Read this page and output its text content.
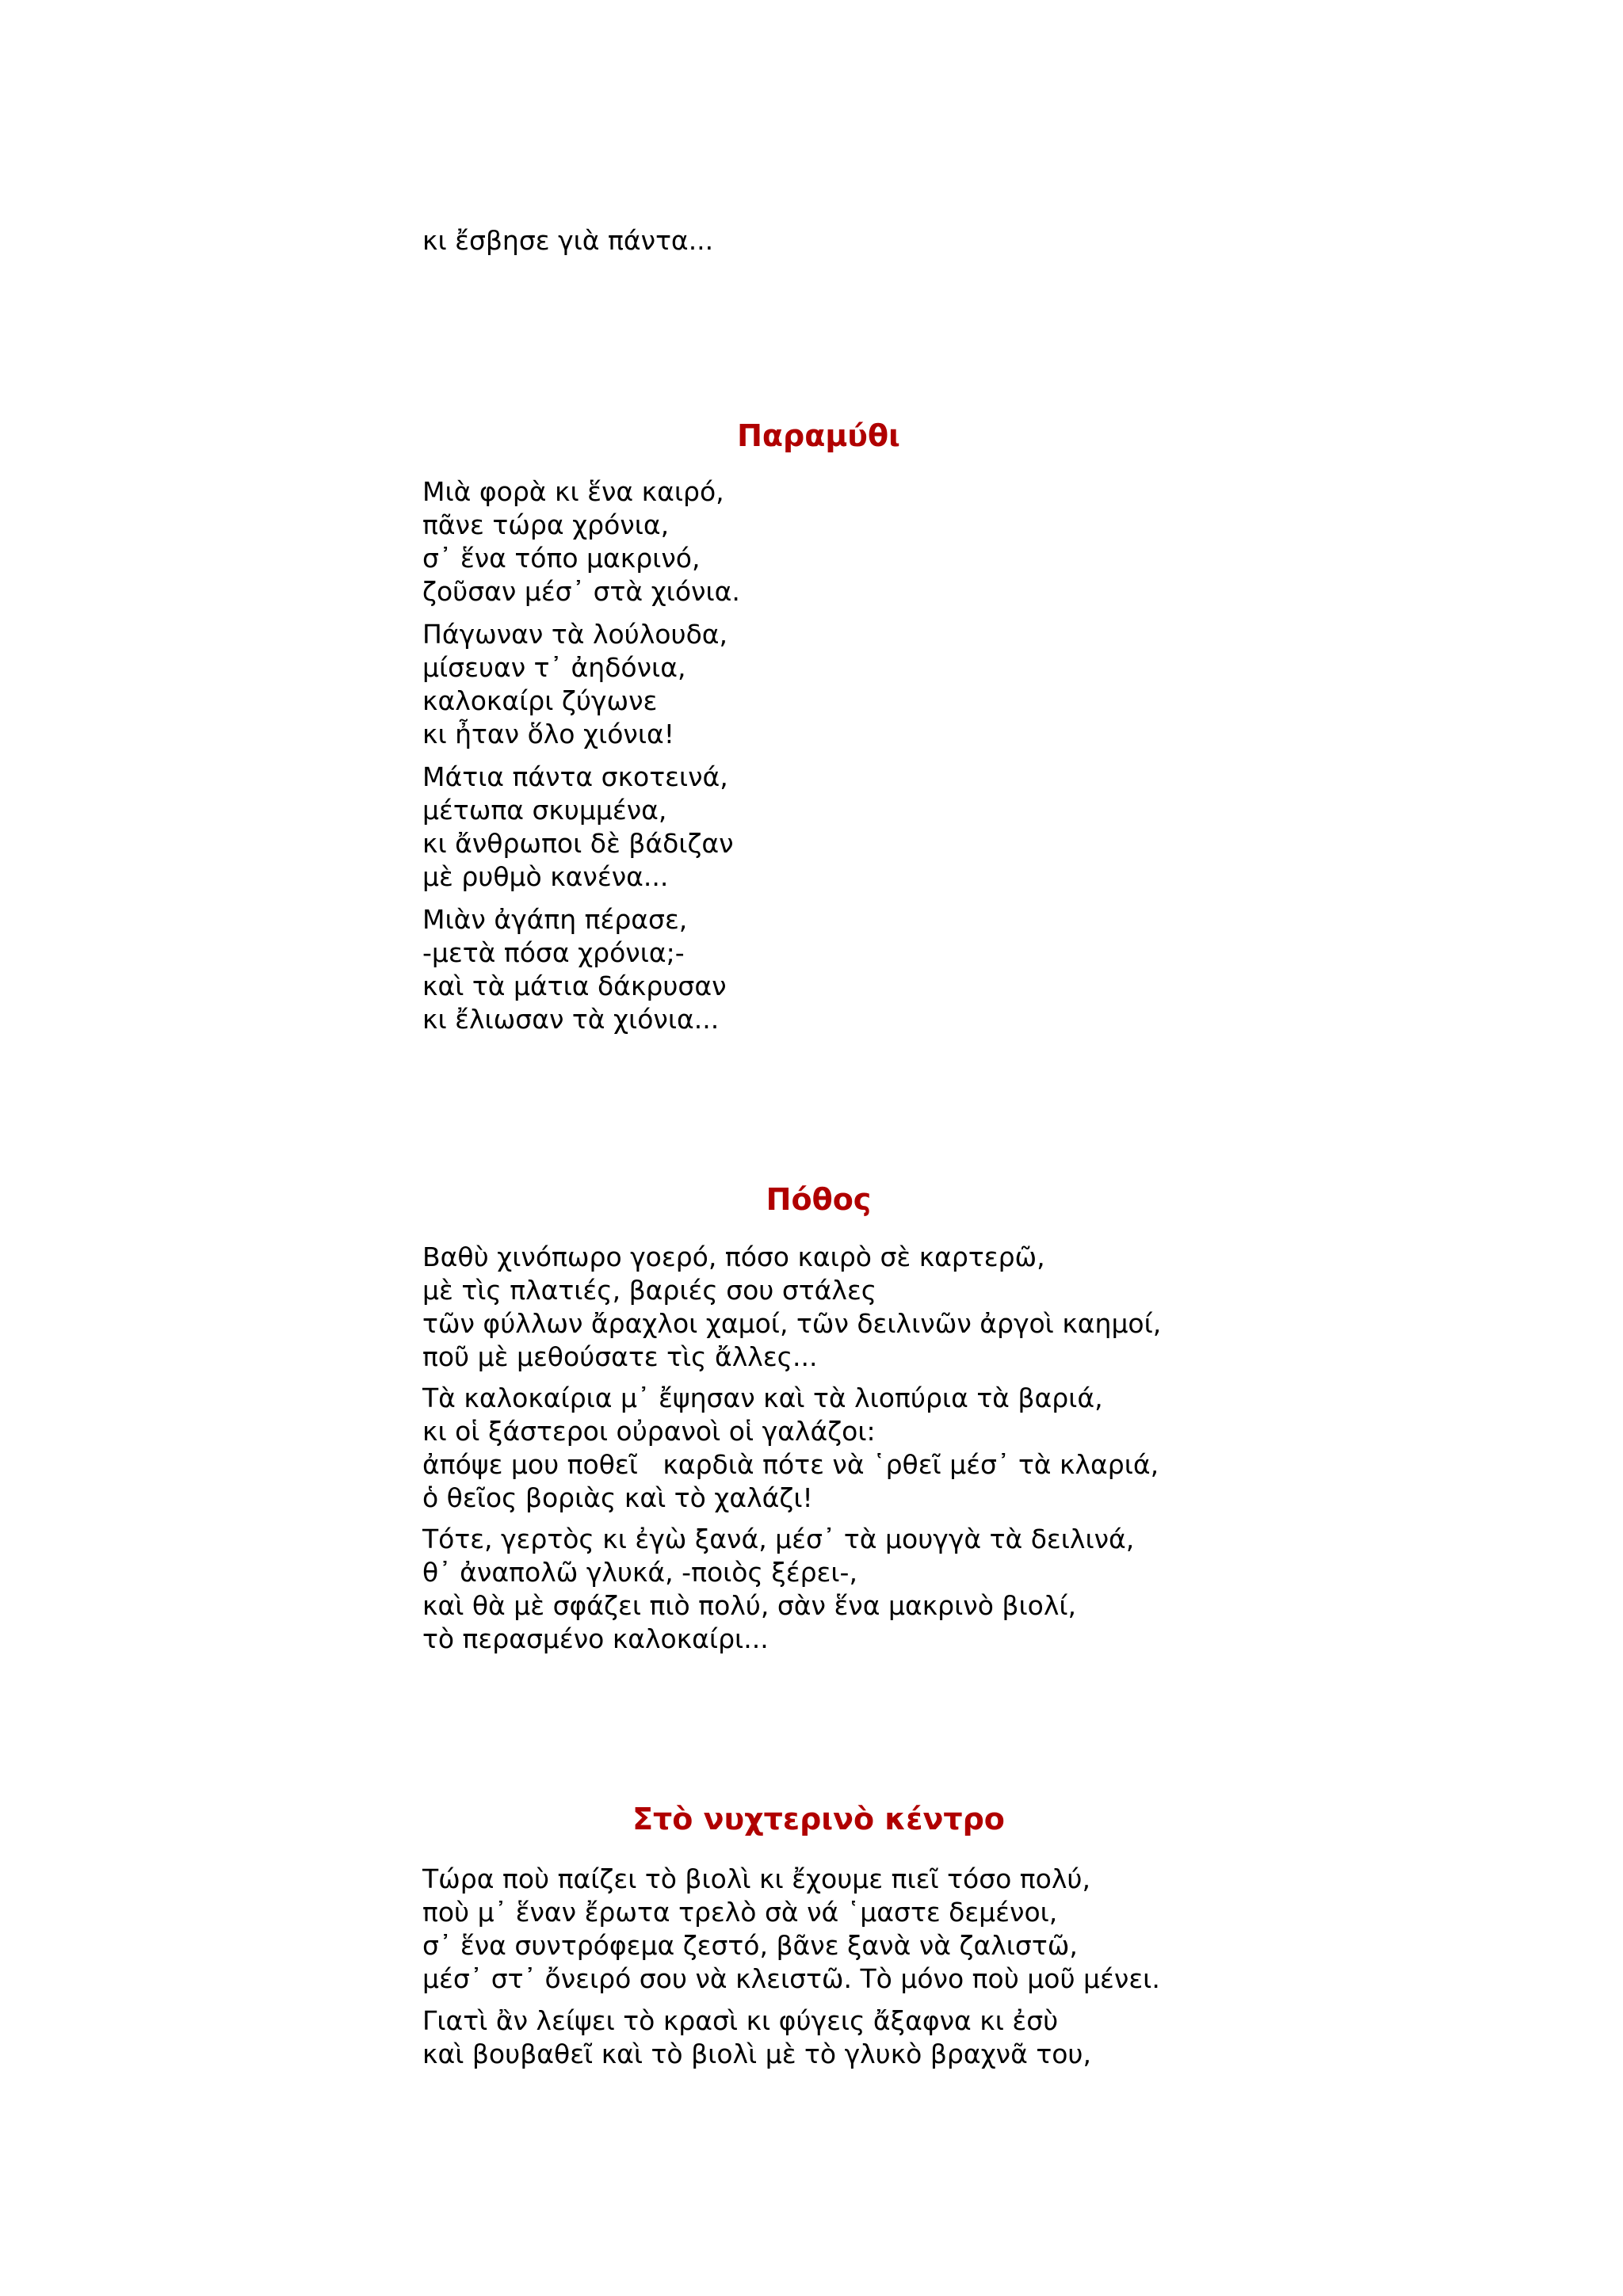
κι ἔσβησε γιὰ πάντα...

Παραμύθι

Μιὰ φορὰ κι ἕνα καιρό,

πᾶνε τώρα χρόνια,

σ᾽ ἕνα τόπο μακρινό,

ζοῦσαν μέσ᾽ στὰ χιόνια.

Πάγωναν τὰ λούλουδα,

μίσευαν τ᾽ ἀηδόνια,

καλοκαίρι ζύγωνε

κι ἦταν ὅλο χιόνια!

Μάτια πάντα σκοτεινά,

μέτωπα σκυμμένα,

κι ἄνθρωποι δὲ βάδιζαν

μὲ ρυθμὸ κανένα...

Μιὰν ἀγάπη πέρασε,

-μετὰ πόσα χρόνια;-

καὶ τὰ μάτια δάκρυσαν

κι ἔλιωσαν τὰ χιόνια...

Πόθος

Βαθὺ χινόπωρο γοερό, πόσο καιρὸ σὲ καρτερῶ,

μὲ τὶς πλατιές, βαριές σου στάλες

τῶν φύλλων ἄραχλοι χαμοί, τῶν δειλινῶν ἀργοὶ καημοί,

ποῦ μὲ μεθούσατε τὶς ἄλλες...

Τὰ καλοκαίρια μ᾽ ἔψησαν καὶ τὰ λιοπύρια τὰ βαριά,

κι οἱ ξάστεροι οὐρανοὶ οἱ γαλάζοι:

ἀπόψε μου ποθεῖ   καρδιὰ πότε νὰ ῾ρθεῖ μέσ᾽ τὰ κλαριά,

ὁ θεῖος βοριὰς καὶ τὸ χαλάζι!

Τότε, γερτὸς κι ἐγὼ ξανά, μέσ᾽ τὰ μουγγὰ τὰ δειλινά,

θ᾽ ἀναπολῶ γλυκά, -ποιὸς ξέρει-,

καὶ θὰ μὲ σφάζει πιὸ πολύ, σὰν ἕνα μακρινὸ βιολί,

τὸ περασμένο καλοκαίρι...

Στὸ νυχτερινὸ κέντρο

Τώρα ποὺ παίζει τὸ βιολὶ κι ἔχουμε πιεῖ τόσο πολύ,

ποὺ μ᾽ ἕναν ἔρωτα τρελὸ σὰ νά ῾μαστε δεμένοι,

σ᾽ ἕνα συντρόφεμα ζεστό, βᾶνε ξανὰ νὰ ζαλιστῶ,

μέσ᾽ στ᾽ ὄνειρό σου νὰ κλειστῶ. Τὸ μόνο ποὺ μοῦ μένει.

Γιατὶ ἂν λείψει τὸ κρασὶ κι φύγεις ἄξαφνα κι ἐσὺ

καὶ βουβαθεῖ καὶ τὸ βιολὶ μὲ τὸ γλυκὸ βραχνᾶ του,
